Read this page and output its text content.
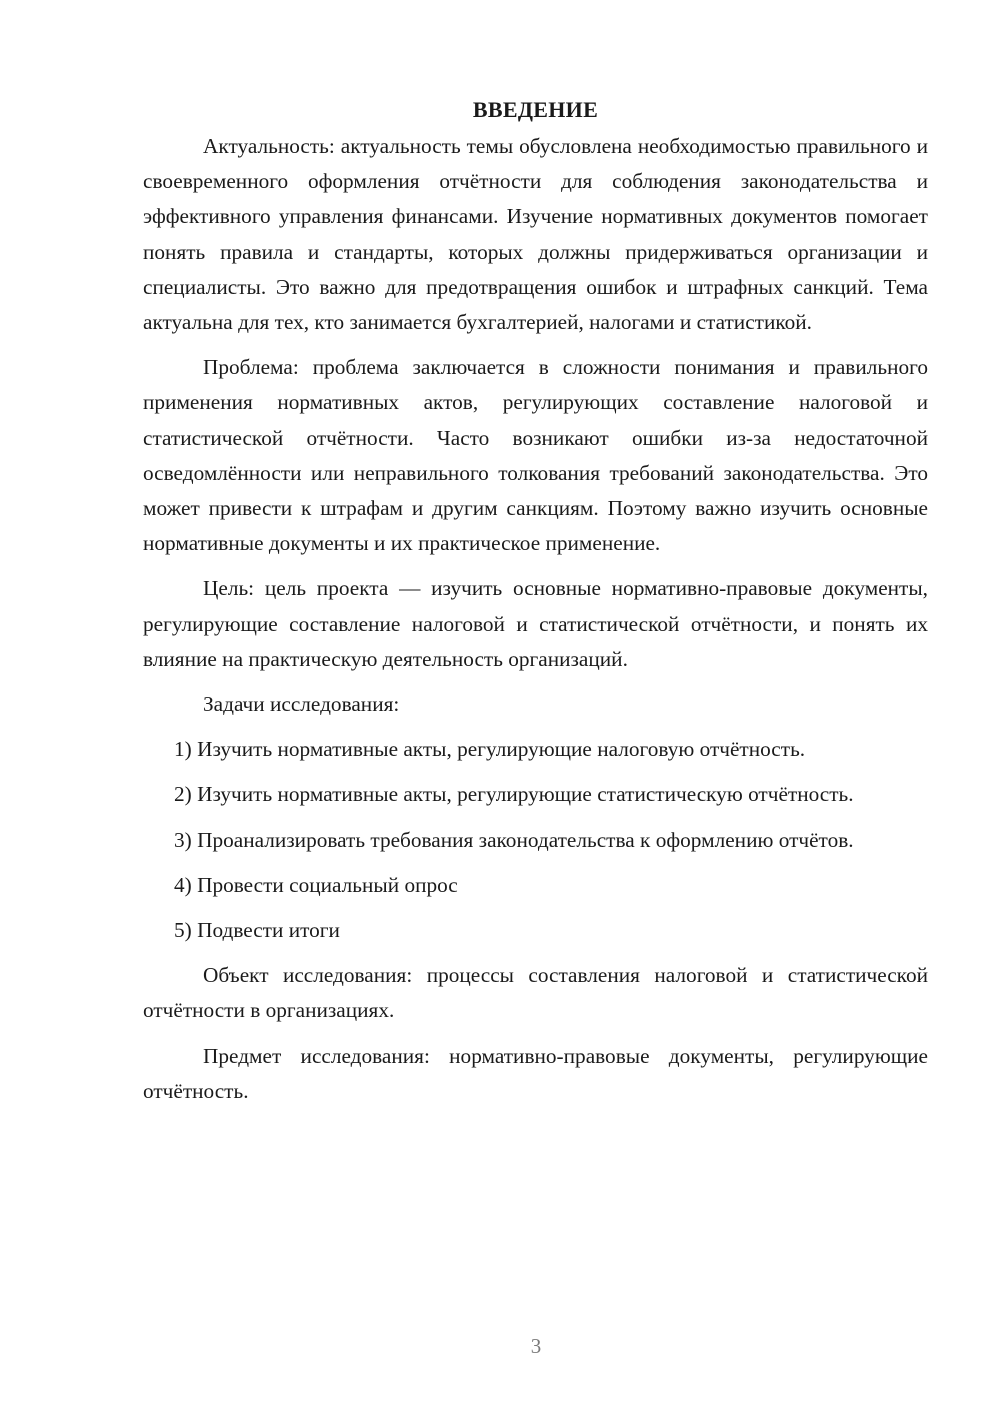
ВВЕДЕНИЕ

Актуальность: актуальность темы обусловлена необходимостью правильного и своевременного оформления отчётности для соблюдения законодательства и эффективного управления финансами. Изучение нормативных документов помогает понять правила и стандарты, которых должны придерживаться организации и специалисты. Это важно для предотвращения ошибок и штрафных санкций. Тема актуальна для тех, кто занимается бухгалтерией, налогами и статистикой.

Проблема: проблема заключается в сложности понимания и правильного применения нормативных актов, регулирующих составление налоговой и статистической отчётности. Часто возникают ошибки из-за недостаточной осведомлённости или неправильного толкования требований законодательства. Это может привести к штрафам и другим санкциям. Поэтому важно изучить основные нормативные документы и их практическое применение.

Цель: цель проекта — изучить основные нормативно-правовые документы, регулирующие составление налоговой и статистической отчётности, и понять их влияние на практическую деятельность организаций.

Задачи исследования:

1) Изучить нормативные акты, регулирующие налоговую отчётность.

2) Изучить нормативные акты, регулирующие статистическую отчётность.

3) Проанализировать требования законодательства к оформлению отчётов.

4) Провести социальный опрос

5) Подвести итоги

Объект исследования: процессы составления налоговой и статистической отчётности в организациях.

Предмет исследования: нормативно-правовые документы, регулирующие отчётность.

3
